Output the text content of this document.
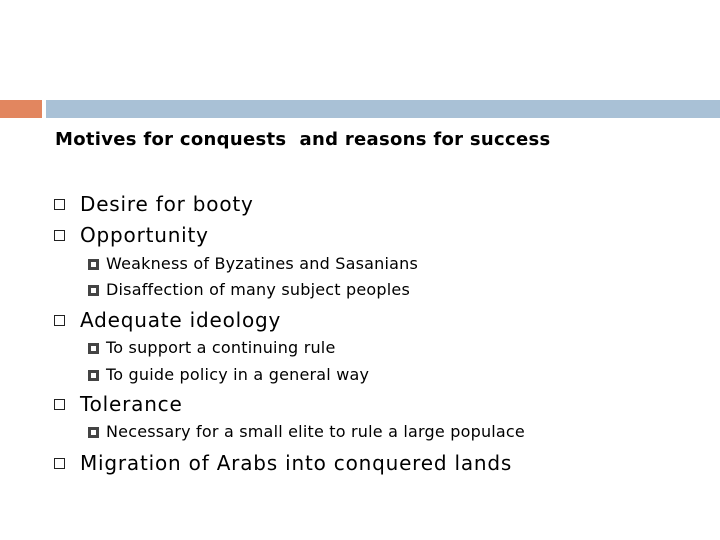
Motives for conquests  and reasons for success
Desire for booty
Opportunity
Weakness of Byzatines and Sasanians
Disaffection of many subject peoples
Adequate ideology
To support a continuing rule
To guide policy in a general way
Tolerance
Necessary for a small elite to rule a large populace
Migration of Arabs into conquered lands
